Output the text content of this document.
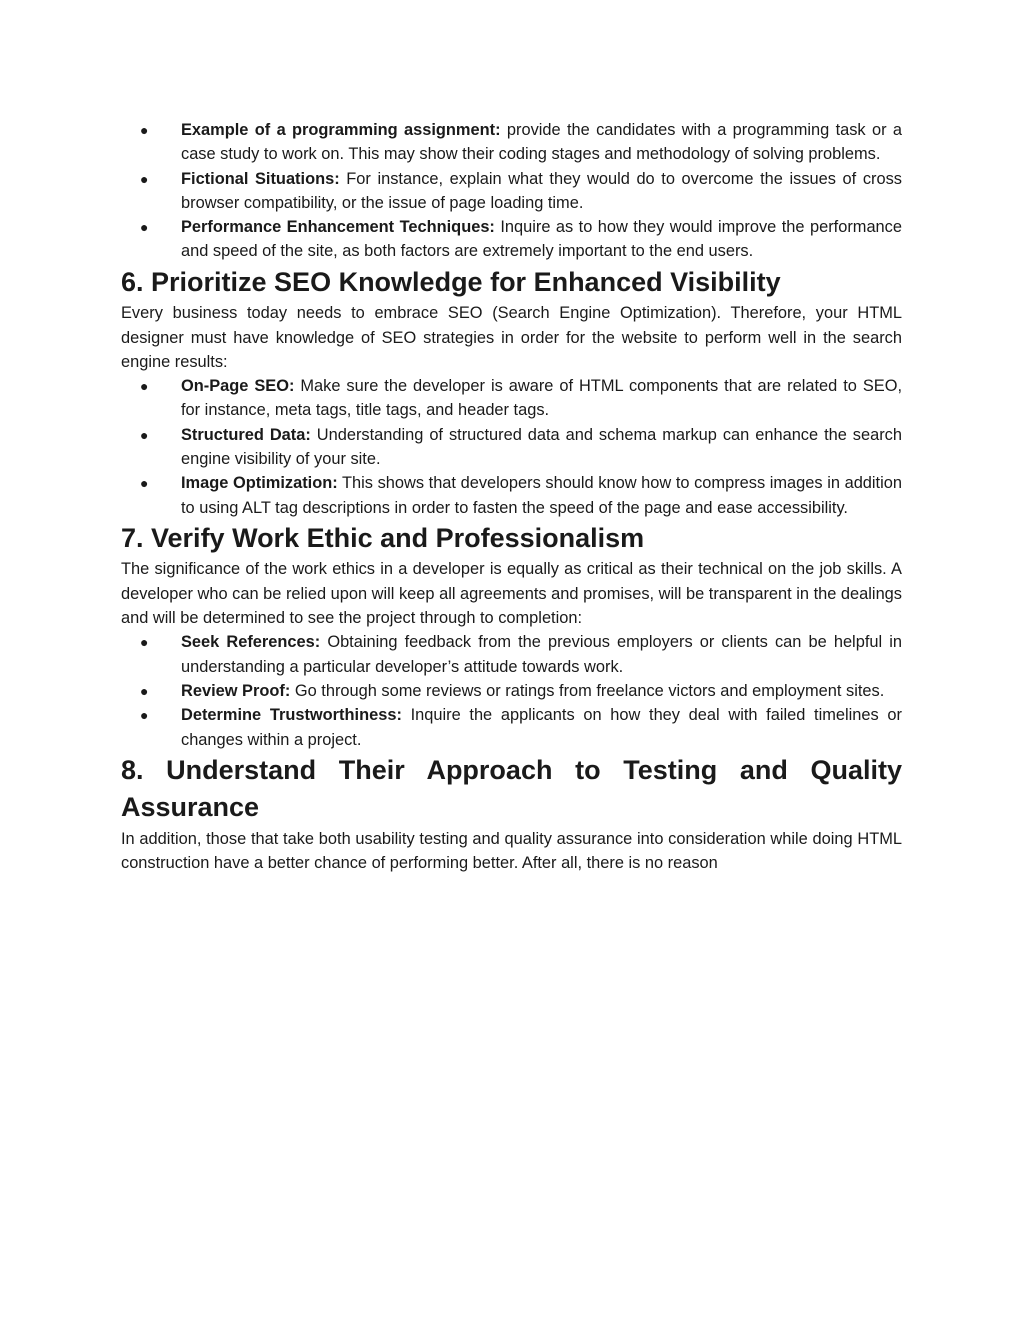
● Example of a programming assignment: provide the candidates with a programming task or a case study to work on. This may show their coding stages and methodology of solving problems.
● Fictional Situations: For instance, explain what they would do to overcome the issues of cross browser compatibility, or the issue of page loading time.
● Performance Enhancement Techniques: Inquire as to how they would improve the performance and speed of the site, as both factors are extremely important to the end users.
6. Prioritize SEO Knowledge for Enhanced Visibility

Every business today needs to embrace SEO (Search Engine Optimization). Therefore, your HTML designer must have knowledge of SEO strategies in order for the website to perform well in the search engine results:

● On-Page SEO: Make sure the developer is aware of HTML components that are related to SEO, for instance, meta tags, title tags, and header tags.
● Structured Data: Understanding of structured data and schema markup can enhance the search engine visibility of your site.
● Image Optimization: This shows that developers should know how to compress images in addition to using ALT tag descriptions in order to fasten the speed of the page and ease accessibility.
7. Verify Work Ethic and Professionalism

The significance of the work ethics in a developer is equally as critical as their technical on the job skills. A developer who can be relied upon will keep all agreements and promises, will be transparent in the dealings and will be determined to see the project through to completion:

● Seek References: Obtaining feedback from the previous employers or clients can be helpful in understanding a particular developer’s attitude towards work.
● Review Proof: Go through some reviews or ratings from freelance victors and employment sites.
● Determine Trustworthiness: Inquire the applicants on how they deal with failed timelines or changes within a project.
8. Understand Their Approach to Testing and Quality Assurance

In addition, those that take both usability testing and quality assurance into consideration while doing HTML construction have a better chance of performing better. After all, there is no reason
